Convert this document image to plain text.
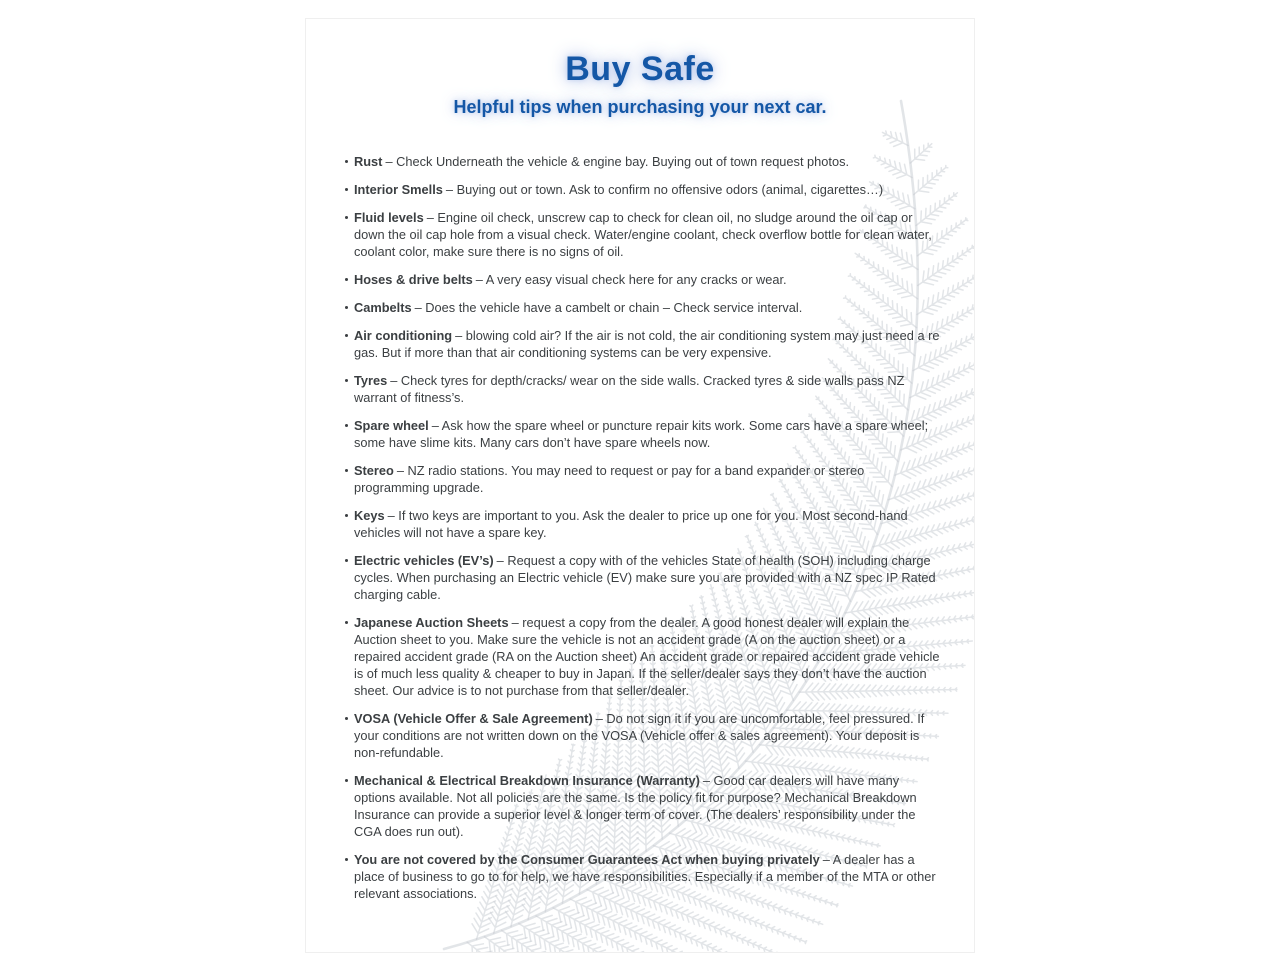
Buy Safe
Helpful tips when purchasing your next car.
Rust – Check Underneath the vehicle & engine bay. Buying out of town request photos.
Interior Smells – Buying out or town. Ask to confirm no offensive odors (animal, cigarettes…)
Fluid levels – Engine oil check, unscrew cap to check for clean oil, no sludge around the oil cap or down the oil cap hole from a visual check. Water/engine coolant, check overflow bottle for clean water, coolant color, make sure there is no signs of oil.
Hoses & drive belts – A very easy visual check here for any cracks or wear.
Cambelts – Does the vehicle have a cambelt or chain – Check service interval.
Air conditioning – blowing cold air? If the air is not cold, the air conditioning system may just need a re gas. But if more than that air conditioning systems can be very expensive.
Tyres – Check tyres for depth/cracks/ wear on the side walls. Cracked tyres & side walls pass NZ warrant of fitness’s.
Spare wheel – Ask how the spare wheel or puncture repair kits work. Some cars have a spare wheel; some have slime kits. Many cars don’t have spare wheels now.
Stereo – NZ radio stations. You may need to request or pay for a band expander or stereo programming upgrade.
Keys – If two keys are important to you. Ask the dealer to price up one for you. Most second-hand vehicles will not have a spare key.
Electric vehicles (EV’s) – Request a copy with of the vehicles State of health (SOH) including charge cycles. When purchasing an Electric vehicle (EV) make sure you are provided with a NZ spec IP Rated charging cable.
Japanese Auction Sheets – request a copy from the dealer. A good honest dealer will explain the Auction sheet to you. Make sure the vehicle is not an accident grade (A on the auction sheet) or a repaired accident grade (RA on the Auction sheet) An accident grade or repaired accident grade vehicle is of much less quality & cheaper to buy in Japan. If the seller/dealer says they don’t have the auction sheet. Our advice is to not purchase from that seller/dealer.
VOSA (Vehicle Offer & Sale Agreement) – Do not sign it if you are uncomfortable, feel pressured. If your conditions are not written down on the VOSA (Vehicle offer & sales agreement). Your deposit is non-refundable.
Mechanical & Electrical Breakdown Insurance (Warranty) – Good car dealers will have many options available. Not all policies are the same. Is the policy fit for purpose? Mechanical Breakdown Insurance can provide a superior level & longer term of cover. (The dealers’ responsibility under the CGA does run out).
You are not covered by the Consumer Guarantees Act when buying privately – A dealer has a place of business to go to for help, we have responsibilities. Especially if a member of the MTA or other relevant associations.
